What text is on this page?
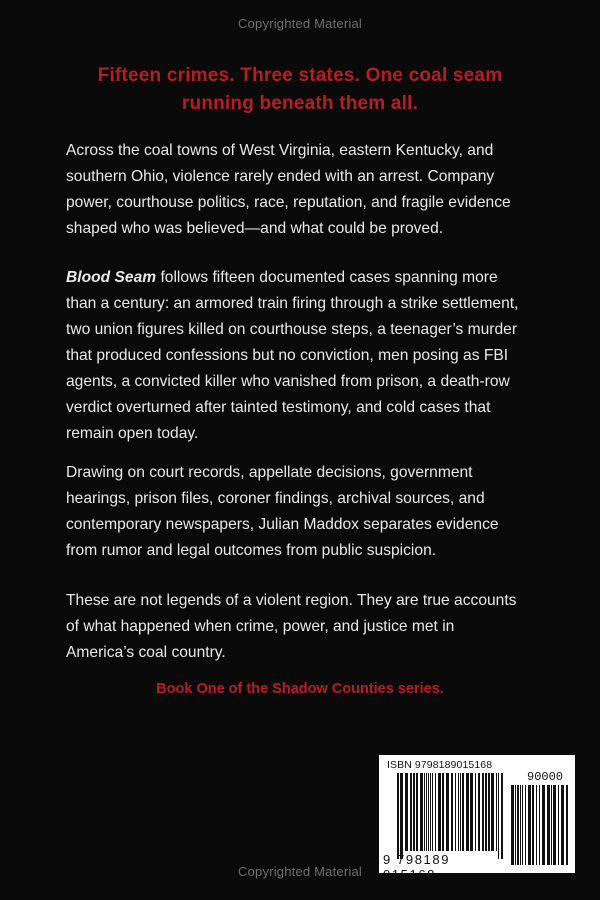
Copyrighted Material
Fifteen crimes. Three states. One coal seam
running beneath them all.

Across the coal towns of West Virginia, eastern Kentucky, and
southern Ohio, violence rarely ended with an arrest. Company
power, courthouse politics, race, reputation, and fragile evidence
shaped who was believed—and what could be proved.

Blood Seam follows fifteen documented cases spanning more
than a century: an armored train firing through a strike settlement,
two union figures killed on courthouse steps, a teenager’s murder
that produced confessions but no conviction, men posing as FBI
agents, a convicted killer who vanished from prison, a death-row
verdict overturned after tainted testimony, and cold cases that
remain open today.

Drawing on court records, appellate decisions, government
hearings, prison files, coroner findings, archival sources, and
contemporary newspapers, Julian Maddox separates evidence
from rumor and legal outcomes from public suspicion.

These are not legends of a violent region. They are true accounts
of what happened when crime, power, and justice met in
America’s coal country.

Book One of the Shadow Counties series.
ISBN 9798189015168
90000
9 798189 015168
Copyrighted Material
